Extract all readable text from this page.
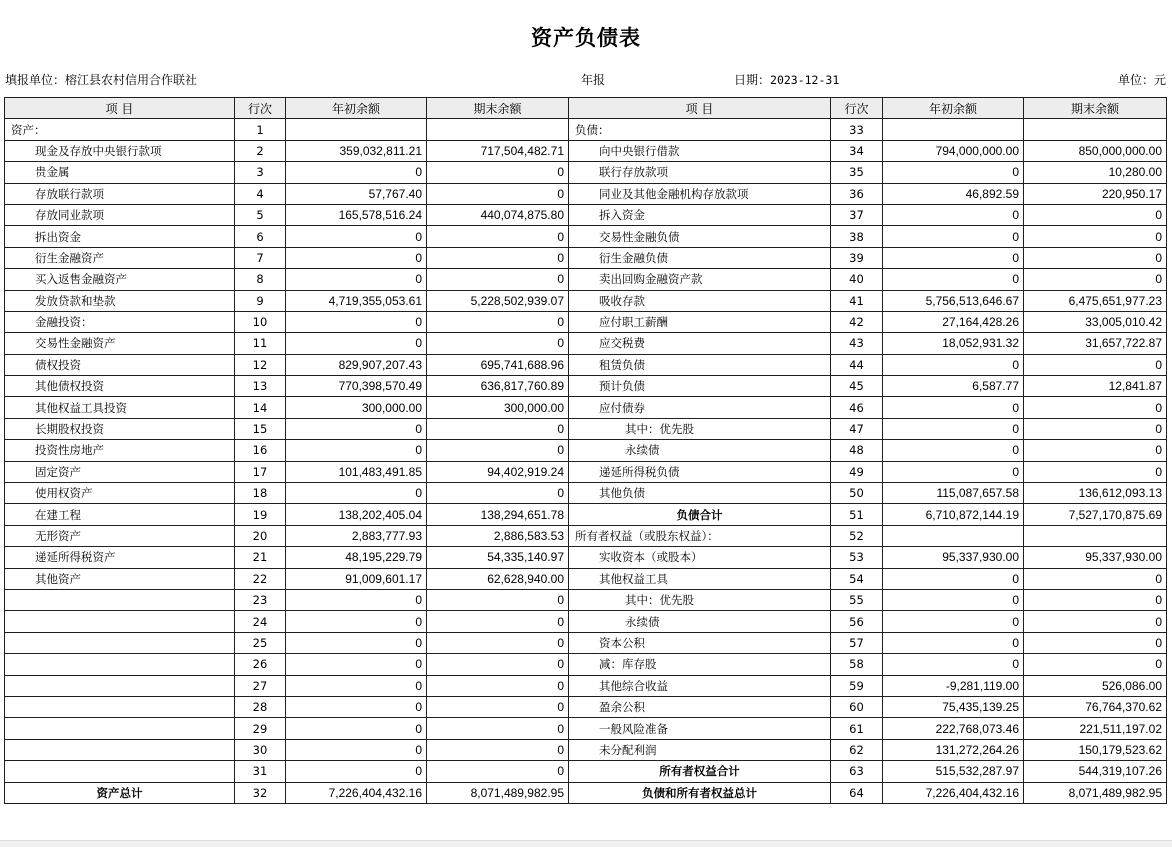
资产负债表
填报单位：榕江县农村信用合作联社	年报	日期：2023-12-31	单位：元
项 目	行次	年初余额	期末余额	项 目	行次	年初余额	期末余额
资产：	1			负债：	33		
现金及存放中央银行款项	2	359,032,811.21	717,504,482.71	向中央银行借款	34	794,000,000.00	850,000,000.00
贵金属	3	0	0	联行存放款项	35	0	10,280.00
存放联行款项	4	57,767.40	0	同业及其他金融机构存放款项	36	46,892.59	220,950.17
存放同业款项	5	165,578,516.24	440,074,875.80	拆入资金	37	0	0
拆出资金	6	0	0	交易性金融负债	38	0	0
衍生金融资产	7	0	0	衍生金融负债	39	0	0
买入返售金融资产	8	0	0	卖出回购金融资产款	40	0	0
发放贷款和垫款	9	4,719,355,053.61	5,228,502,939.07	吸收存款	41	5,756,513,646.67	6,475,651,977.23
金融投资：	10	0	0	应付职工薪酬	42	27,164,428.26	33,005,010.42
交易性金融资产	11	0	0	应交税费	43	18,052,931.32	31,657,722.87
债权投资	12	829,907,207.43	695,741,688.96	租赁负债	44	0	0
其他债权投资	13	770,398,570.49	636,817,760.89	预计负债	45	6,587.77	12,841.87
其他权益工具投资	14	300,000.00	300,000.00	应付债券	46	0	0
长期股权投资	15	0	0	其中：优先股	47	0	0
投资性房地产	16	0	0	永续债	48	0	0
固定资产	17	101,483,491.85	94,402,919.24	递延所得税负债	49	0	0
使用权资产	18	0	0	其他负债	50	115,087,657.58	136,612,093.13
在建工程	19	138,202,405.04	138,294,651.78	负债合计	51	6,710,872,144.19	7,527,170,875.69
无形资产	20	2,883,777.93	2,886,583.53	所有者权益（或股东权益）：	52		
递延所得税资产	21	48,195,229.79	54,335,140.97	实收资本（或股本）	53	95,337,930.00	95,337,930.00
其他资产	22	91,009,601.17	62,628,940.00	其他权益工具	54	0	0
	23	0	0	其中：优先股	55	0	0
	24	0	0	永续债	56	0	0
	25	0	0	资本公积	57	0	0
	26	0	0	减：库存股	58	0	0
	27	0	0	其他综合收益	59	-9,281,119.00	526,086.00
	28	0	0	盈余公积	60	75,435,139.25	76,764,370.62
	29	0	0	一般风险准备	61	222,768,073.46	221,511,197.02
	30	0	0	未分配利润	62	131,272,264.26	150,179,523.62
	31	0	0	所有者权益合计	63	515,532,287.97	544,319,107.26
资产总计	32	7,226,404,432.16	8,071,489,982.95	负债和所有者权益总计	64	7,226,404,432.16	8,071,489,982.95
